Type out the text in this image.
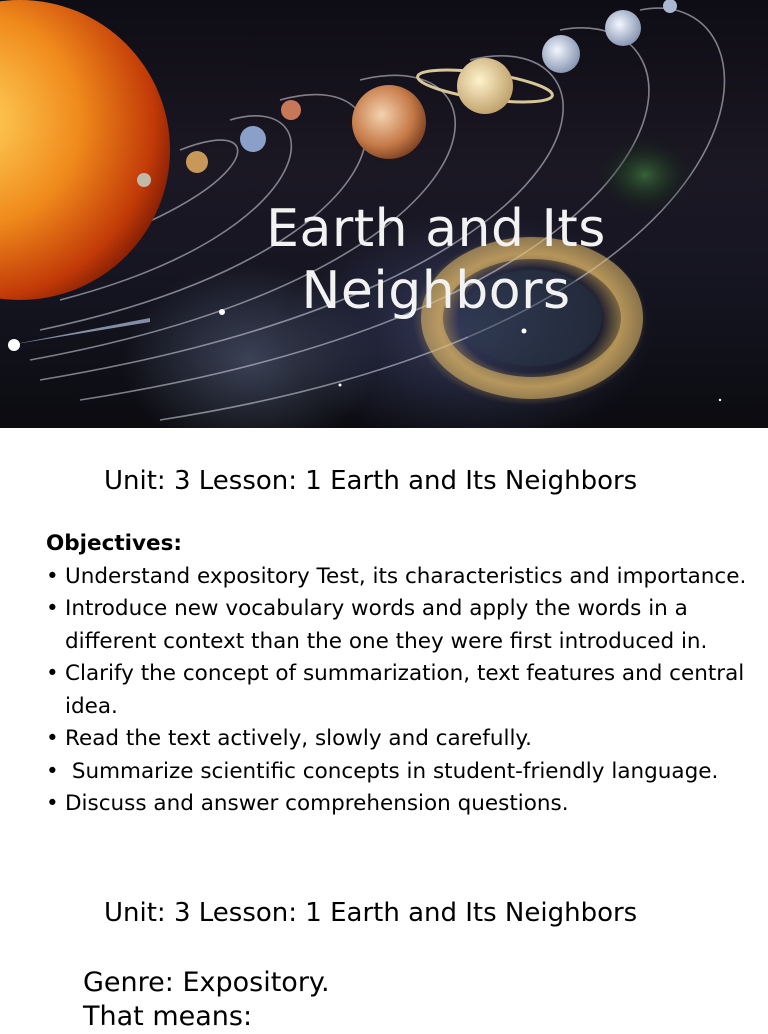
Earth and Its Neighbors
Unit: 3 Lesson: 1 Earth and Its Neighbors
Objectives:
• Understand expository Test, its characteristics and importance.
• Introduce new vocabulary words and apply the words in a different context than the one they were first introduced in.
• Clarify the concept of summarization, text features and central idea.
• Read the text actively, slowly and carefully.
• Summarize scientific concepts in student-friendly language.
• Discuss and answer comprehension questions.
Unit: 3 Lesson: 1 Earth and Its Neighbors
Genre: Expository.
That means:
